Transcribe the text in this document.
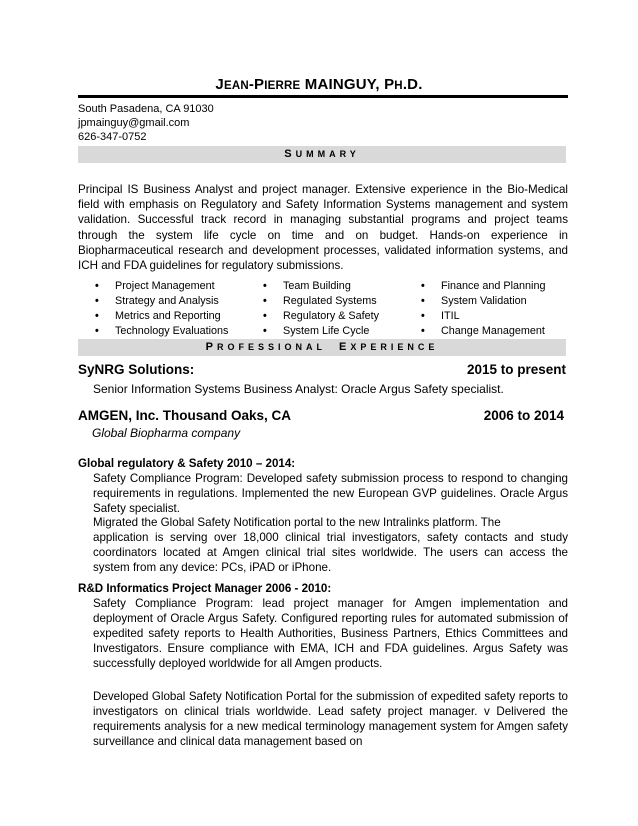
JEAN-PIERRE MAINGUY, PH.D.
South Pasadena, CA 91030
jpmainguy@gmail.com
626-347-0752
SUMMARY
Principal IS Business Analyst and project manager. Extensive experience in the Bio-Medical field with emphasis on Regulatory and Safety Information Systems management and system validation. Successful track record in managing substantial programs and project teams through the system life cycle on time and on budget. Hands-on experience in Biopharmaceutical research and development processes, validated information systems, and ICH and FDA guidelines for regulatory submissions.
• Project Management
• Strategy and Analysis
• Metrics and Reporting
• Technology Evaluations
• Team Building
• Regulated Systems
• Regulatory & Safety
• System Life Cycle
• Finance and Planning
• System Validation
• ITIL
• Change Management
PROFESSIONAL EXPERIENCE
SyNRG Solutions:	2015 to present
Senior Information Systems Business Analyst: Oracle Argus Safety specialist.
AMGEN, Inc. Thousand Oaks, CA	2006 to 2014
Global Biopharma company
Global regulatory & Safety 2010 – 2014:
Safety Compliance Program: Developed safety submission process to respond to changing requirements in regulations. Implemented the new European GVP guidelines. Oracle Argus Safety specialist.
Migrated the Global Safety Notification portal to the new Intralinks platform. The
application is serving over 18,000 clinical trial investigators, safety contacts and study coordinators located at Amgen clinical trial sites worldwide. The users can access the system from any device: PCs, iPAD or iPhone.
R&D Informatics Project Manager 2006 - 2010:
Safety Compliance Program: lead project manager for Amgen implementation and deployment of Oracle Argus Safety. Configured reporting rules for automated submission of expedited safety reports to Health Authorities, Business Partners, Ethics Committees and Investigators. Ensure compliance with EMA, ICH and FDA guidelines. Argus Safety was successfully deployed worldwide for all Amgen products.
Developed Global Safety Notification Portal for the submission of expedited safety reports to investigators on clinical trials worldwide. Lead safety project manager. v Delivered the requirements analysis for a new medical terminology management system for Amgen safety surveillance and clinical data management based on
